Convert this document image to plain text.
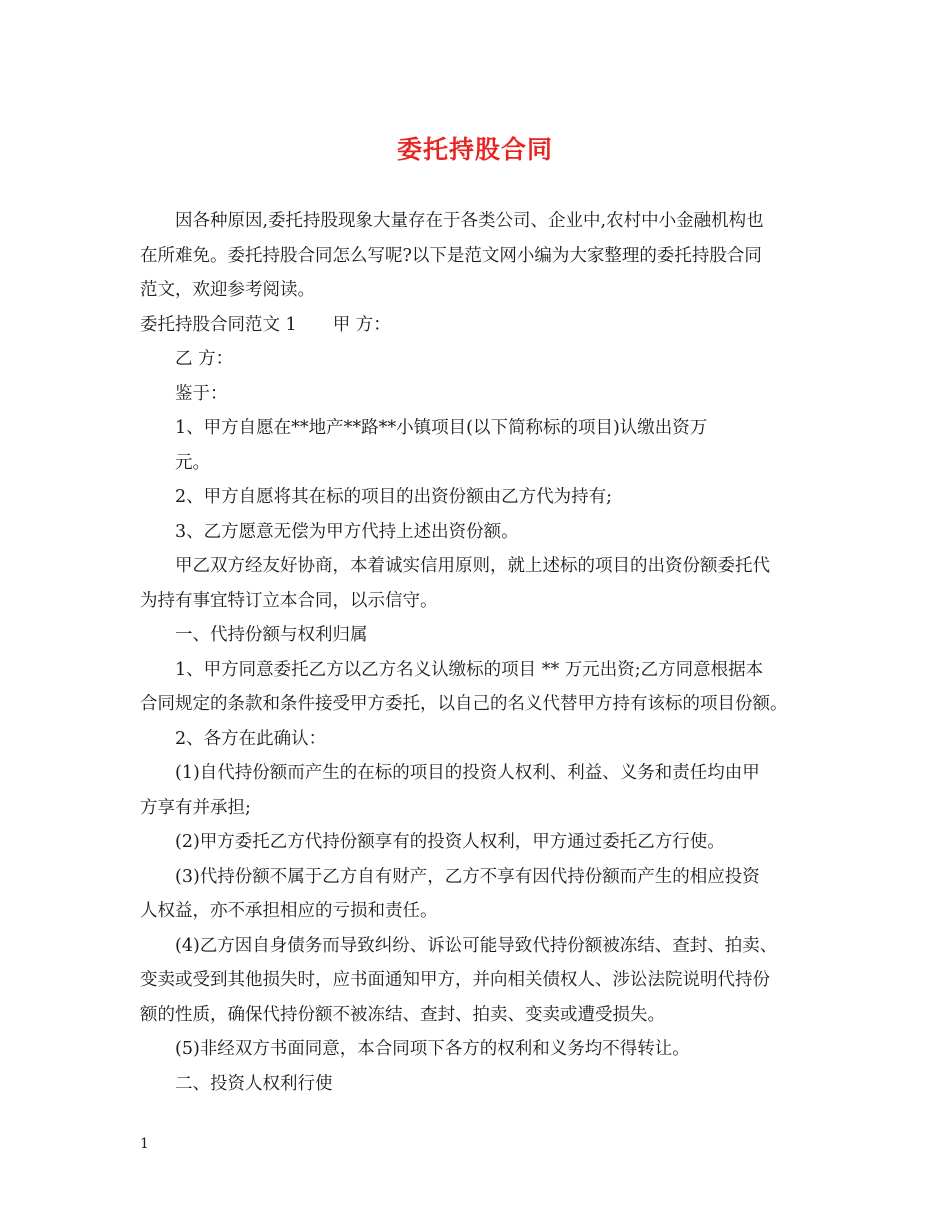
委托持股合同
因各种原因,委托持股现象大量存在于各类公司、企业中,农村中小金融机构也
在所难免。委托持股合同怎么写呢?以下是范文网小编为大家整理的委托持股合同
范文，欢迎参考阅读。
委托持股合同范文 1 甲 方：
乙 方：
鉴于：
1、甲方自愿在**地产**路**小镇项目(以下简称标的项目)认缴出资万
元。
2、甲方自愿将其在标的项目的出资份额由乙方代为持有;
3、乙方愿意无偿为甲方代持上述出资份额。
甲乙双方经友好协商，本着诚实信用原则，就上述标的项目的出资份额委托代
为持有事宜特订立本合同，以示信守。
一、代持份额与权利归属
1、甲方同意委托乙方以乙方名义认缴标的项目 ** 万元出资;乙方同意根据本
合同规定的条款和条件接受甲方委托，以自己的名义代替甲方持有该标的项目份额。
2、各方在此确认：
(1)自代持份额而产生的在标的项目的投资人权利、利益、义务和责任均由甲
方享有并承担;
(2)甲方委托乙方代持份额享有的投资人权利，甲方通过委托乙方行使。
(3)代持份额不属于乙方自有财产，乙方不享有因代持份额而产生的相应投资
人权益，亦不承担相应的亏损和责任。
(4)乙方因自身债务而导致纠纷、诉讼可能导致代持份额被冻结、查封、拍卖、
变卖或受到其他损失时，应书面通知甲方，并向相关债权人、涉讼法院说明代持份
额的性质，确保代持份额不被冻结、查封、拍卖、变卖或遭受损失。
(5)非经双方书面同意，本合同项下各方的权利和义务均不得转让。
二、投资人权利行使
1
